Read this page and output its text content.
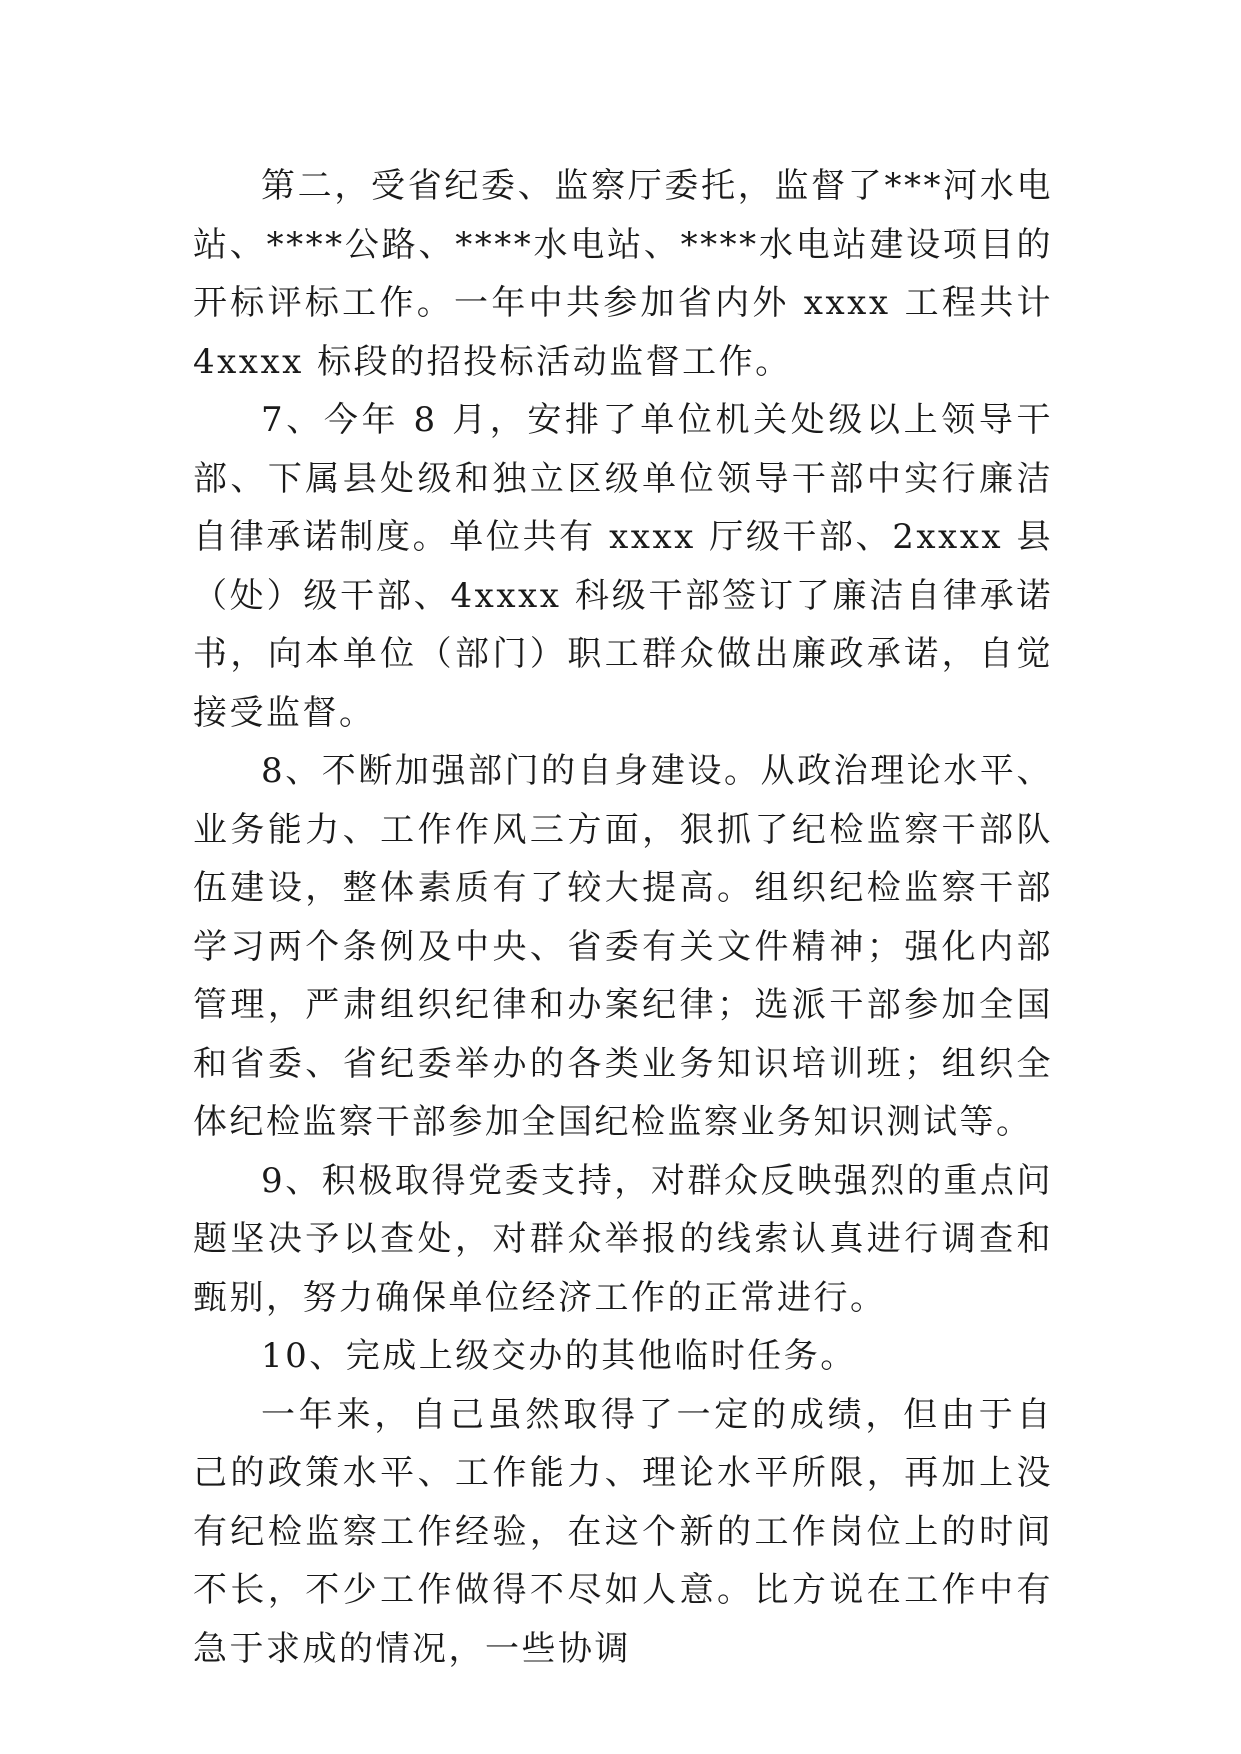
第二，受省纪委、监察厅委托，监督了***河水电站、****公路、****水电站、****水电站建设项目的开标评标工作。一年中共参加省内外 xxxx 工程共计 4xxxx 标段的招投标活动监督工作。

7、今年 8 月，安排了单位机关处级以上领导干部、下属县处级和独立区级单位领导干部中实行廉洁自律承诺制度。单位共有 xxxx 厅级干部、2xxxx 县（处）级干部、4xxxx 科级干部签订了廉洁自律承诺书，向本单位（部门）职工群众做出廉政承诺，自觉接受监督。

8、不断加强部门的自身建设。从政治理论水平、业务能力、工作作风三方面，狠抓了纪检监察干部队伍建设，整体素质有了较大提高。组织纪检监察干部学习两个条例及中央、省委有关文件精神；强化内部管理，严肃组织纪律和办案纪律；选派干部参加全国和省委、省纪委举办的各类业务知识培训班；组织全体纪检监察干部参加全国纪检监察业务知识测试等。

9、积极取得党委支持，对群众反映强烈的重点问题坚决予以查处，对群众举报的线索认真进行调查和甄别，努力确保单位经济工作的正常进行。

10、完成上级交办的其他临时任务。

一年来，自己虽然取得了一定的成绩，但由于自己的政策水平、工作能力、理论水平所限，再加上没有纪检监察工作经验，在这个新的工作岗位上的时间不长，不少工作做得不尽如人意。比方说在工作中有急于求成的情况，一些协调
